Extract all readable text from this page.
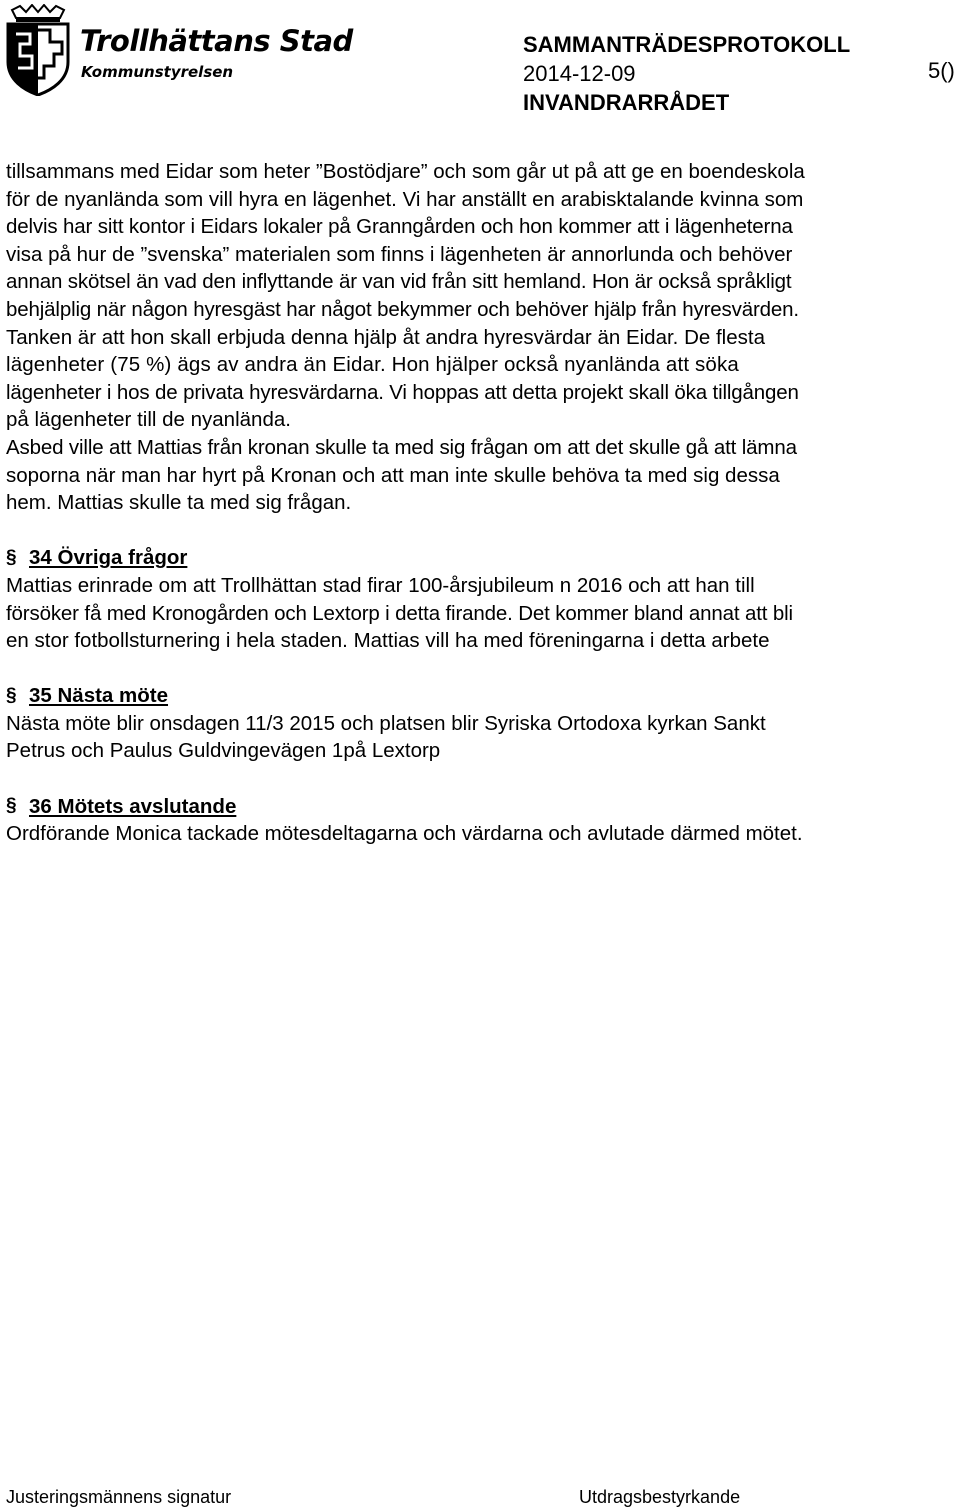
Trollhättans Stad
Kommunstyrelsen
SAMMANTRÄDESPROTOKOLL
2014-12-09
INVANDRARRÅDET
5()

tillsammans med Eidar som heter ”Bostödjare” och som går ut på att ge en boendeskola

för de nyanlända som vill hyra en lägenhet. Vi har anställt en arabisktalande kvinna som

delvis har sitt kontor i Eidars lokaler på Granngården och hon kommer att i lägenheterna

visa på hur de ”svenska” materialen som finns i lägenheten är annorlunda och behöver

annan skötsel än vad den inflyttande är van vid från sitt hemland. Hon är också språkligt

behjälplig när någon hyresgäst har något bekymmer och behöver hjälp från hyresvärden.

Tanken är att hon skall erbjuda denna hjälp åt andra hyresvärdar än Eidar. De flesta

lägenheter (75 %) ägs av andra än Eidar. Hon hjälper också nyanlända att söka

lägenheter i hos de privata hyresvärdarna. Vi hoppas att detta projekt skall öka tillgången

på lägenheter till de nyanlända.

Asbed ville att Mattias från kronan skulle ta med sig frågan om att det skulle gå att lämna

soporna när man har hyrt på Kronan och att man inte skulle behöva ta med sig dessa

hem. Mattias skulle ta med sig frågan.

§ 34 Övriga frågor

Mattias erinrade om att Trollhättan stad firar 100-årsjubileum n 2016 och att han till

försöker få med Kronogården och Lextorp i detta firande. Det kommer bland annat att bli

en stor fotbollsturnering i hela staden. Mattias vill ha med föreningarna i detta arbete

§ 35 Nästa möte

Nästa möte blir onsdagen 11/3 2015 och platsen blir Syriska Ortodoxa kyrkan Sankt

Petrus och Paulus Guldvingevägen 1på Lextorp

§ 36 Mötets avslutande

Ordförande Monica tackade mötesdeltagarna och värdarna och avlutade därmed mötet.

Justeringsmännens signatur	Utdragsbestyrkande
